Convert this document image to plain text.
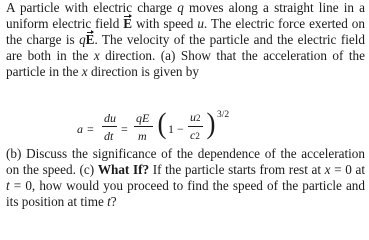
A particle with electric charge q moves along a straight line in a uniform electric field E with speed u. The electric force exerted on the charge is qE. The velocity of the particle and the electric field are both in the x direction. (a) Show that the acceleration of the particle in the x direction is given by

a =
du
dt =
qE
m ( 1 −
u2
c2 ) 3/2

(b) Discuss the significance of the dependence of the acceleration on the speed. (c) What If? If the particle starts from rest at x = 0 at t = 0, how would you proceed to find the speed of the particle and its position at time t?
